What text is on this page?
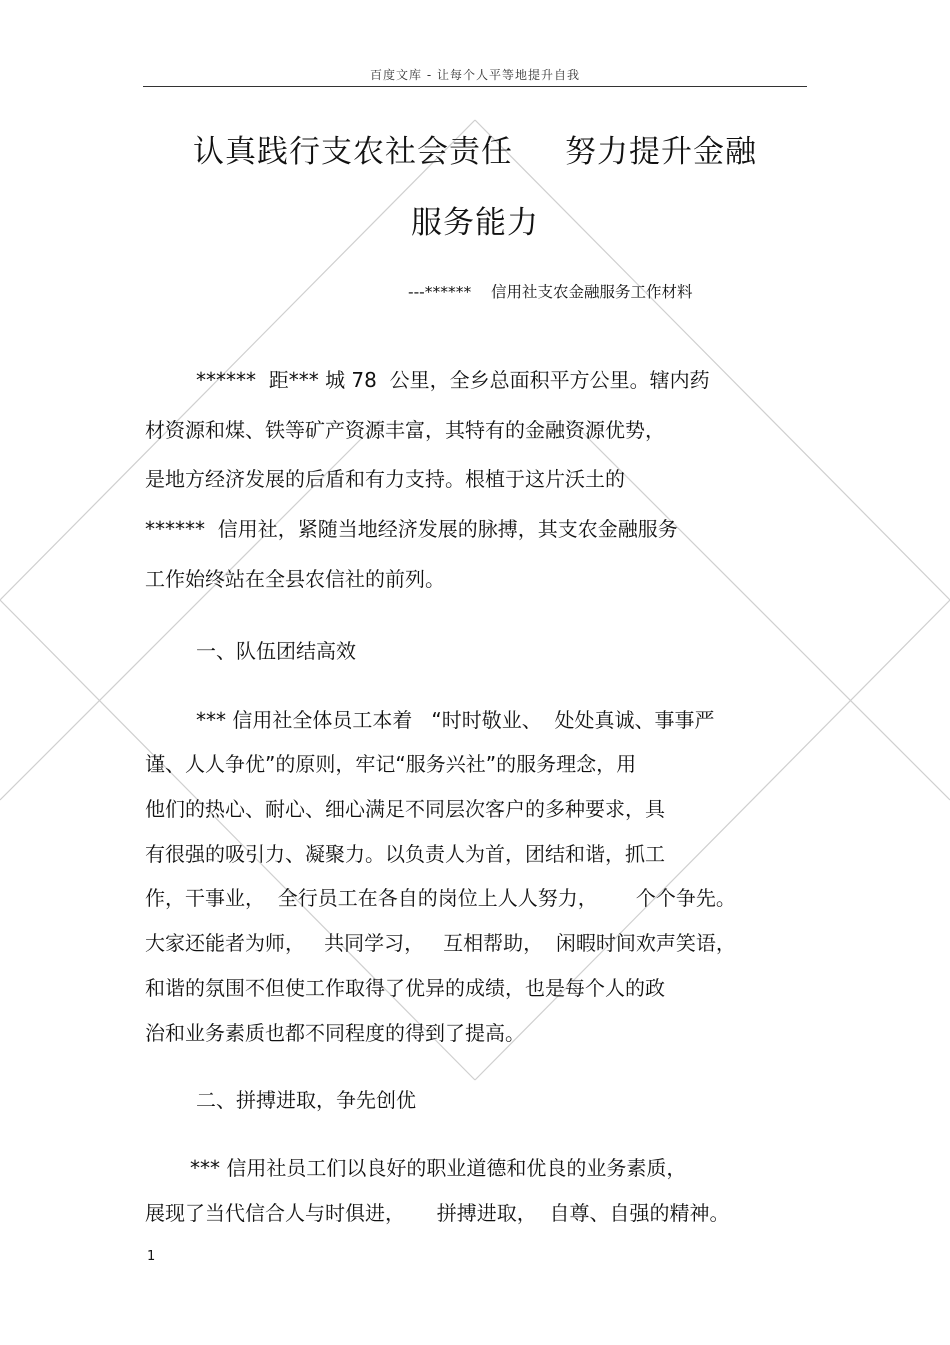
百度文库 - 让每个人平等地提升自我
认真践行支农社会责任 努力提升金融
服务能力
---******    信用社支农金融服务工作材料
******  距*** 城 78  公里，全乡总面积平方公里。辖内药
材资源和煤、铁等矿产资源丰富，其特有的金融资源优势，
是地方经济发展的后盾和有力支持。根植于这片沃土的
******  信用社，紧随当地经济发展的脉搏，其支农金融服务
工作始终站在全县农信社的前列。
一、队伍团结高效
*** 信用社全体员工本着   “时时敬业、  处处真诚、事事严
谨、人人争优”的原则，牢记“服务兴社”的服务理念，用
他们的热心、耐心、细心满足不同层次客户的多种要求，具
有很强的吸引力、凝聚力。以负责人为首，团结和谐，抓工
作，干事业，  全行员工在各自的岗位上人人努力，      个个争先。
大家还能者为师，   共同学习，   互相帮助，  闲暇时间欢声笑语，
和谐的氛围不但使工作取得了优异的成绩，也是每个人的政
治和业务素质也都不同程度的得到了提高。
二、拼搏进取，争先创优
*** 信用社员工们以良好的职业道德和优良的业务素质，
展现了当代信合人与时俱进，     拼搏进取，  自尊、自强的精神。
1
